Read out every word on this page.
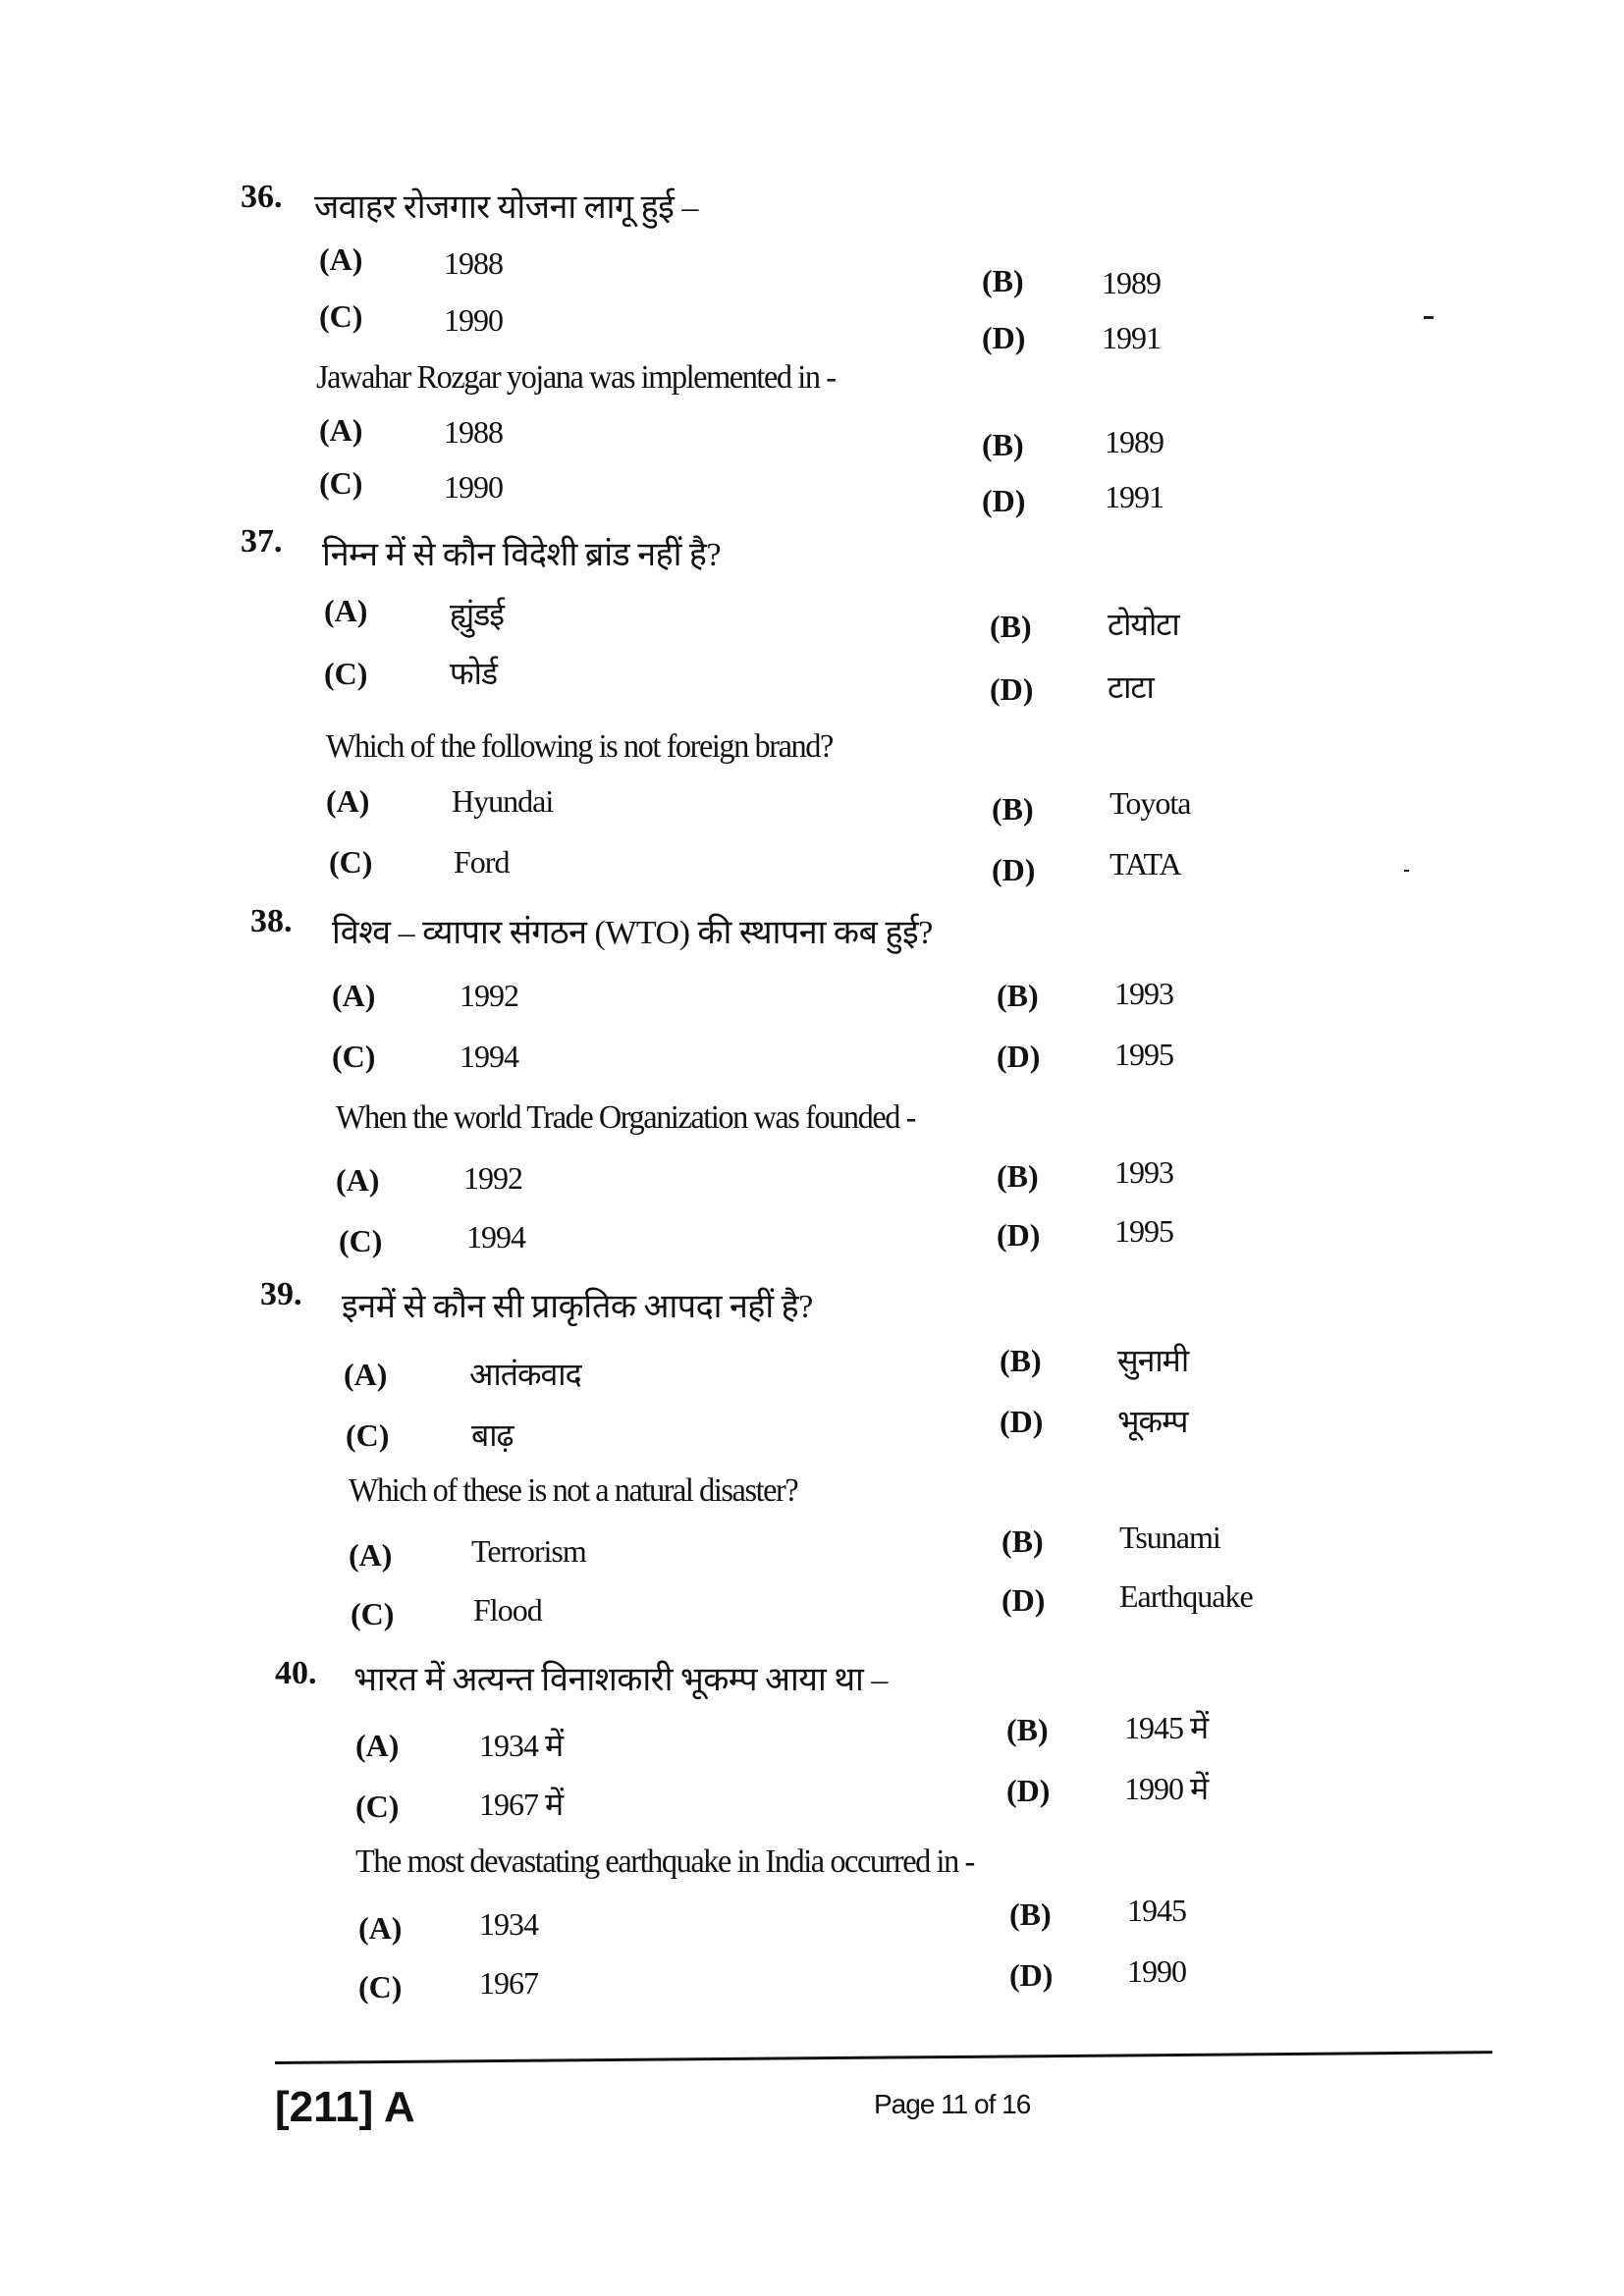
36. जवाहर रोजगार योजना लागू हुई –
(A)	1988	(B) 1989
(C)	1990	(D) 1991
Jawahar Rozgar yojana was implemented in -
(A)	1988	(B)	1989
(C)	1990	(D)	1991
37. निम्न में से कौन विदेशी ब्रांड नहीं है?
(A)	ह्युंडई	(B) टोयोटा
(C)	फोर्ड	(D) टाटा
Which of the following is not foreign brand?
(A)	Hyundai	(B) Toyota
(C)	Ford	(D) TATA
38. विश्व – व्यापार संगठन (WTO) की स्थापना कब हुई?
(A)	1992	(B) 1993
(C)	1994	(D) 1995
When the world Trade Organization was founded -
(A)	1992	(B) 1993
(C)	1994	(D) 1995
39. इनमें से कौन सी प्राकृतिक आपदा नहीं है?
(A)	आतंकवाद	(B) सुनामी
(C)	बाढ़	(D) भूकम्प
Which of these is not a natural disaster?
(A)	Terrorism	(B) Tsunami
(C)	Flood	(D) Earthquake
40. भारत में अत्यन्त विनाशकारी भूकम्प आया था –
(A)	1934 में	(B) 1945 में
(C)	1967 में	(D) 1990 में
The most devastating earthquake in India occurred in -
(A) 1934	(B) 1945
(C) 1967	(D) 1990
[211] A	Page 11 of 16
